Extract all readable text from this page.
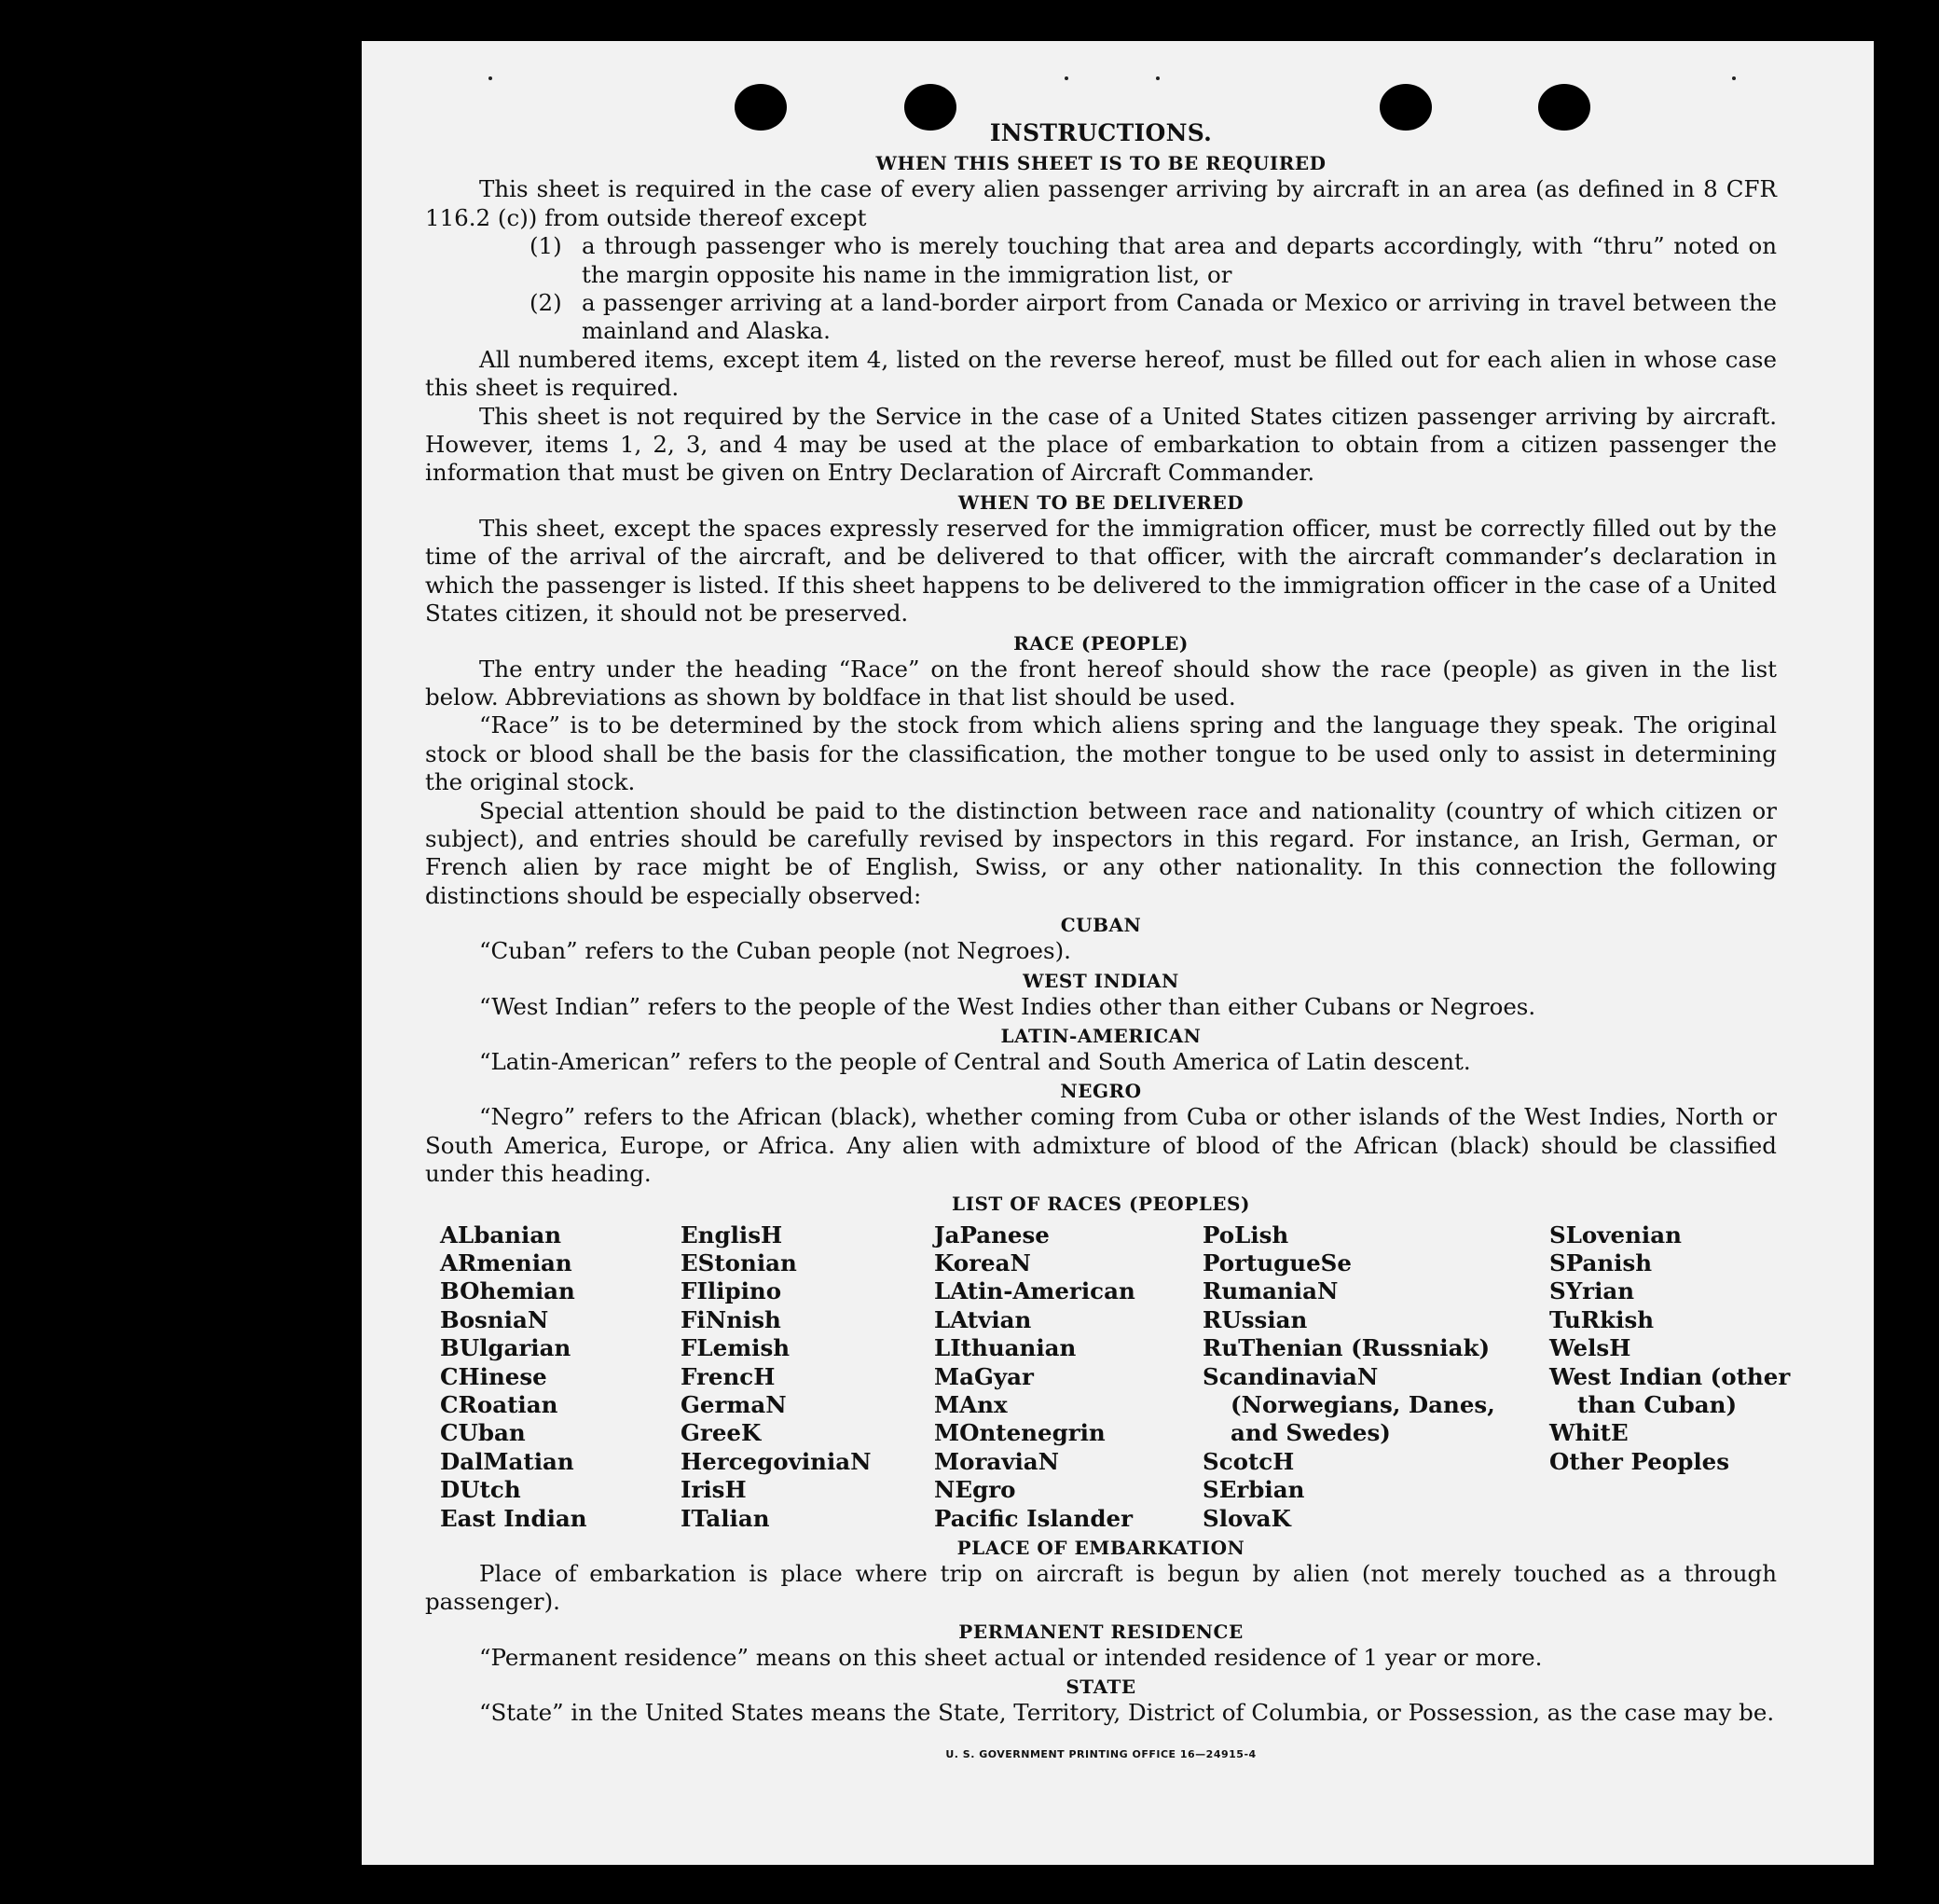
INSTRUCTIONS.
WHEN THIS SHEET IS TO BE REQUIRED

This sheet is required in the case of every alien passenger arriving by aircraft in an area (as defined in 8 CFR 116.2 (c)) from outside thereof except

(1) a through passenger who is merely touching that area and departs accordingly, with “thru” noted on the margin opposite his name in the immigration list, or
(2) a passenger arriving at a land-border airport from Canada or Mexico or arriving in travel between the mainland and Alaska.

All numbered items, except item 4, listed on the reverse hereof, must be filled out for each alien in whose case this sheet is required.

This sheet is not required by the Service in the case of a United States citizen passenger arriving by aircraft. However, items 1, 2, 3, and 4 may be used at the place of embarkation to obtain from a citizen passenger the information that must be given on Entry Declaration of Aircraft Commander.

WHEN TO BE DELIVERED

This sheet, except the spaces expressly reserved for the immigration officer, must be correctly filled out by the time of the arrival of the aircraft, and be delivered to that officer, with the aircraft commander’s declaration in which the passenger is listed. If this sheet happens to be delivered to the immigration officer in the case of a United States citizen, it should not be preserved.

RACE (PEOPLE)

The entry under the heading “Race” on the front hereof should show the race (people) as given in the list below. Abbreviations as shown by boldface in that list should be used.

“Race” is to be determined by the stock from which aliens spring and the language they speak. The original stock or blood shall be the basis for the classification, the mother tongue to be used only to assist in determining the original stock.

Special attention should be paid to the distinction between race and nationality (country of which citizen or subject), and entries should be carefully revised by inspectors in this regard. For instance, an Irish, German, or French alien by race might be of English, Swiss, or any other nationality. In this connection the following distinctions should be especially observed:

CUBAN

“Cuban” refers to the Cuban people (not Negroes).

WEST INDIAN

“West Indian” refers to the people of the West Indies other than either Cubans or Negroes.

LATIN-AMERICAN

“Latin-American” refers to the people of Central and South America of Latin descent.

NEGRO

“Negro” refers to the African (black), whether coming from Cuba or other islands of the West Indies, North or South America, Europe, or Africa. Any alien with admixture of blood of the African (black) should be classified under this heading.

LIST OF RACES (PEOPLES)
ALbanian
ARmenian
BOhemian
BosniaN
BUlgarian
CHinese
CRoatian
CUban
DalMatian
DUtch
East Indian
EnglisH
EStonian
FIlipino
FiNnish
FLemish
FrencH
GermaN
GreeK
HercegoviniaN
IrisH
ITalian
JaPanese
KoreaN
LAtin-American
LAtvian
LIthuanian
MaGyar
MAnx
MOntenegrin
MoraviaN
NEgro
Pacific Islander
PoLish
PortugueSe
RumaniaN
RUssian
RuThenian (Russniak)
ScandinaviaN (Norwegians, Danes, and Swedes)
ScotcH
SErbian
SlovaK
SLovenian
SPanish
SYrian
TuRkish
WelsH
West Indian (other than Cuban)
WhitE
Other Peoples
PLACE OF EMBARKATION

Place of embarkation is place where trip on aircraft is begun by alien (not merely touched as a through passenger).

PERMANENT RESIDENCE

“Permanent residence” means on this sheet actual or intended residence of 1 year or more.

STATE

“State” in the United States means the State, Territory, District of Columbia, or Possession, as the case may be.

U. S. GOVERNMENT PRINTING OFFICE 16—24915-4
